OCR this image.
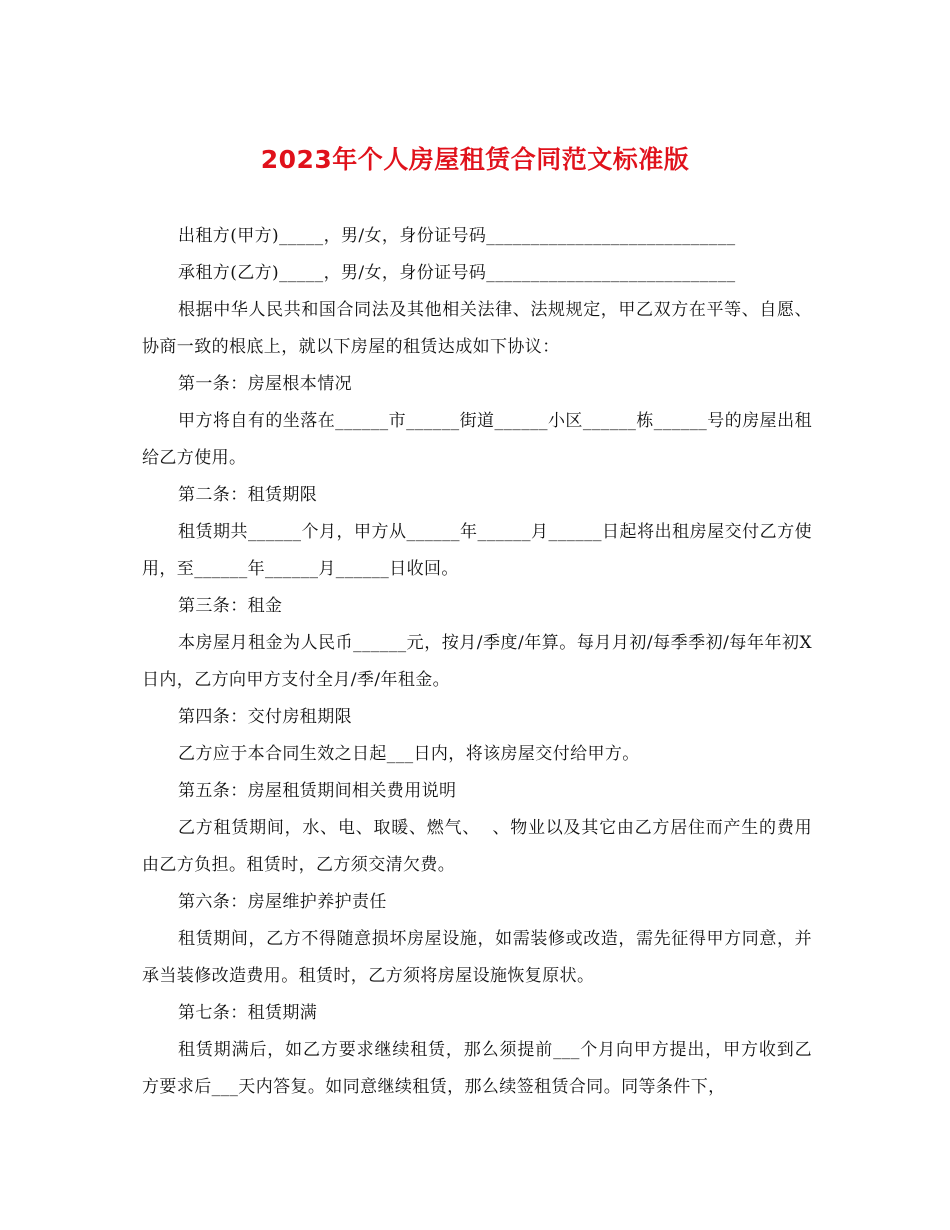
2023年个人房屋租赁合同范文标准版

出租方(甲方)_____，男/女，身份证号码____________________________

承租方(乙方)_____，男/女，身份证号码____________________________

根据中华人民共和国合同法及其他相关法律、法规规定，甲乙双方在平等、自愿、协商一致的根底上，就以下房屋的租赁达成如下协议：

第一条：房屋根本情况

甲方将自有的坐落在______市______街道______小区______栋______号的房屋出租给乙方使用。

第二条：租赁期限

租赁期共______个月，甲方从______年______月______日起将出租房屋交付乙方使用，至______年______月______日收回。

第三条：租金

本房屋月租金为人民币______元，按月/季度/年算。每月月初/每季季初/每年年初X日内，乙方向甲方支付全月/季/年租金。

第四条：交付房租期限

乙方应于本合同生效之日起___日内，将该房屋交付给甲方。

第五条：房屋租赁期间相关费用说明

乙方租赁期间，水、电、取暖、燃气、  、物业以及其它由乙方居住而产生的费用由乙方负担。租赁时，乙方须交清欠费。

第六条：房屋维护养护责任

租赁期间，乙方不得随意损坏房屋设施，如需装修或改造，需先征得甲方同意，并承当装修改造费用。租赁时，乙方须将房屋设施恢复原状。

第七条：租赁期满

租赁期满后，如乙方要求继续租赁，那么须提前___个月向甲方提出，甲方收到乙方要求后___天内答复。如同意继续租赁，那么续签租赁合同。同等条件下，
